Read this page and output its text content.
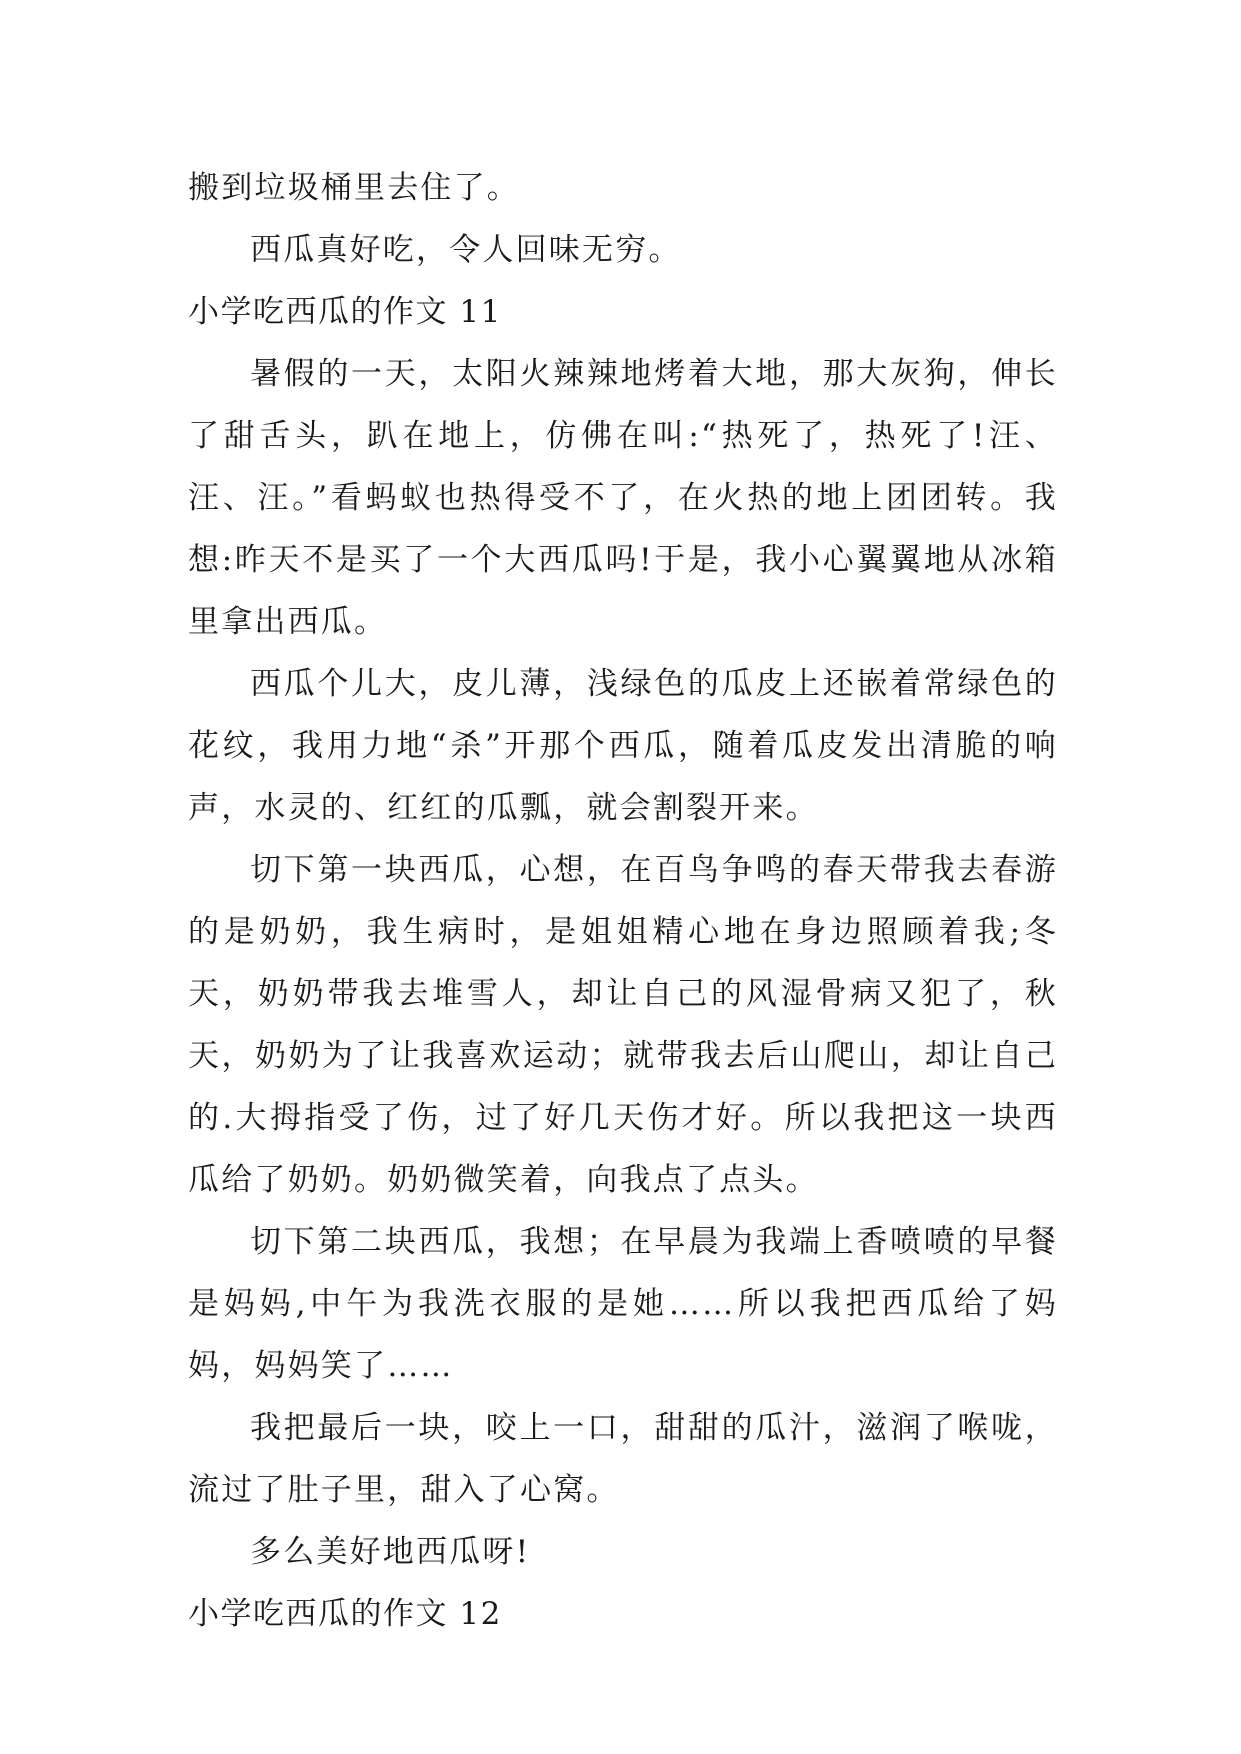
搬到垃圾桶里去住了。

西瓜真好吃，令人回味无穷。

小学吃西瓜的作文 11

暑假的一天，太阳火辣辣地烤着大地，那大灰狗，伸长了甜舌头，趴在地上，仿佛在叫:“热死了，热死了!汪、汪、汪。”看蚂蚁也热得受不了，在火热的地上团团转。我想:昨天不是买了一个大西瓜吗!于是，我小心翼翼地从冰箱里拿出西瓜。

西瓜个儿大，皮儿薄，浅绿色的瓜皮上还嵌着常绿色的花纹，我用力地“杀”开那个西瓜，随着瓜皮发出清脆的响声，水灵的、红红的瓜瓢，就会割裂开来。

切下第一块西瓜，心想，在百鸟争鸣的春天带我去春游的是奶奶，我生病时，是姐姐精心地在身边照顾着我;冬天，奶奶带我去堆雪人，却让自己的风湿骨病又犯了，秋天，奶奶为了让我喜欢运动；就带我去后山爬山，却让自己的.大拇指受了伤，过了好几天伤才好。所以我把这一块西瓜给了奶奶。奶奶微笑着，向我点了点头。

切下第二块西瓜，我想；在早晨为我端上香喷喷的早餐是妈妈,中午为我洗衣服的是她……所以我把西瓜给了妈妈，妈妈笑了……

我把最后一块，咬上一口，甜甜的瓜汁，滋润了喉咙，流过了肚子里，甜入了心窝。

多么美好地西瓜呀!

小学吃西瓜的作文 12
